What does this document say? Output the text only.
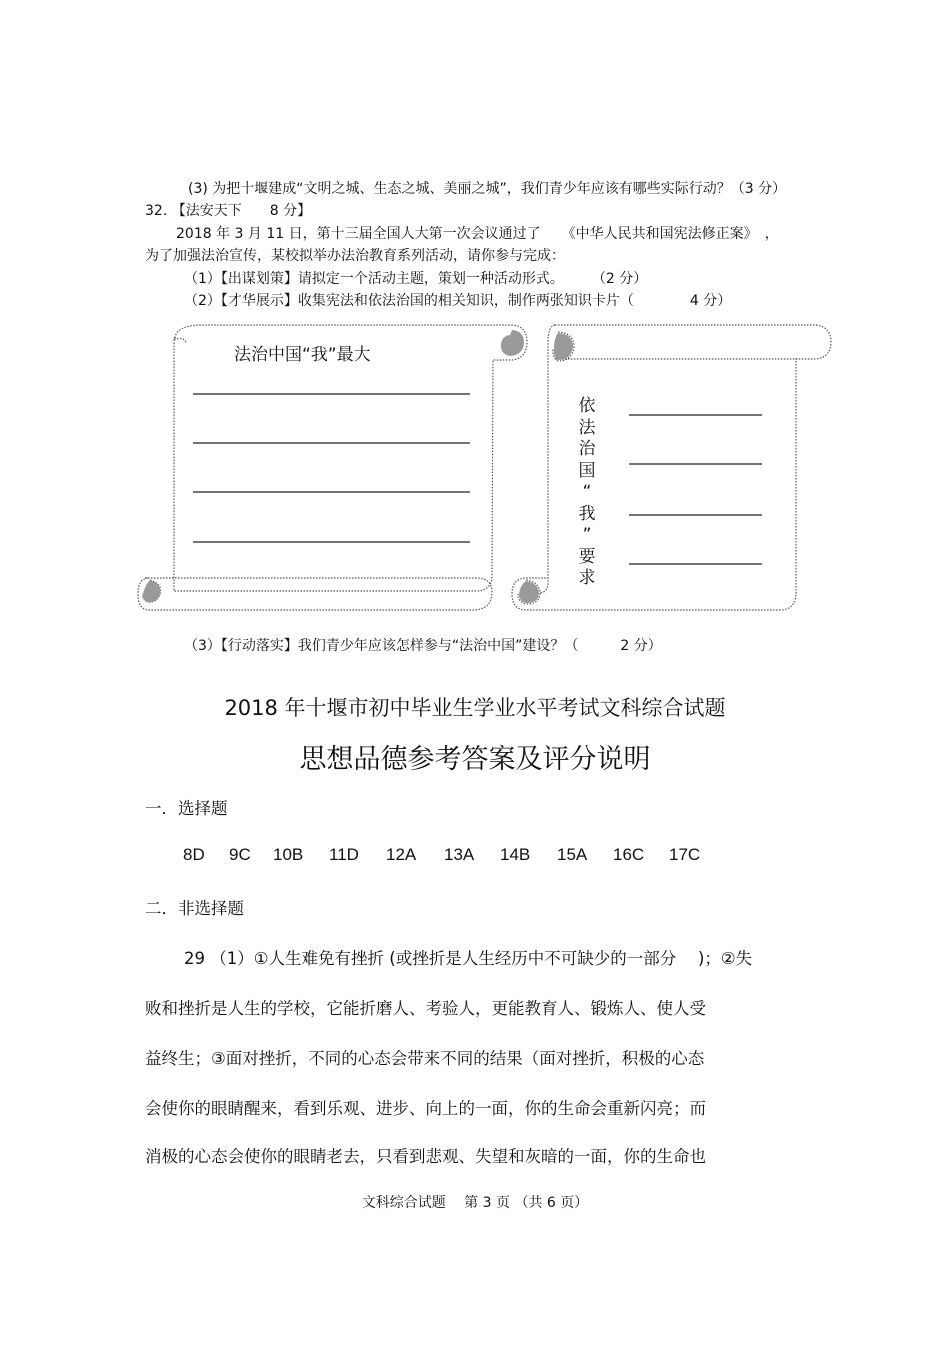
(3) 为把十堰建成“文明之城、生态之城、美丽之城”，我们青少年应该有哪些实际行动？（3 分）
32. 【法安天下　　8 分】
2018 年 3 月 11 日，第十三届全国人大第一次会议通过了　　《中华人民共和国宪法修正案》　，
为了加强法治宣传，某校拟举办法治教育系列活动，请你参与完成：
（1）【出谋划策】请拟定一个活动主题，策划一种活动形式。　　　（2 分）
（2）【才华展示】收集宪法和依法治国的相关知识，制作两张知识卡片（　　　　4 分）
法治中国“我”最大
依
法
治
国
“
我
”
要
求
（3）【行动落实】我们青少年应该怎样参与“法治中国”建设？（　　　2 分）
2018 年十堰市初中毕业生学业水平考试文科综合试题
思想品德参考答案及评分说明
一．选择题
8D 9C 10B 11D 12A 13A 14B 15A 16C 17C
二．非选择题
29 （1）①人生难免有挫折 (或挫折是人生经历中不可缺少的一部分　 )；②失
败和挫折是人生的学校，它能折磨人、考验人，更能教育人、锻炼人、使人受
益终生；③面对挫折，不同的心态会带来不同的结果（面对挫折，积极的心态
会使你的眼睛醒来，看到乐观、进步、向上的一面，你的生命会重新闪亮；而
消极的心态会使你的眼睛老去，只看到悲观、失望和灰暗的一面，你的生命也
文科综合试题　 第 3 页 （共 6 页）
